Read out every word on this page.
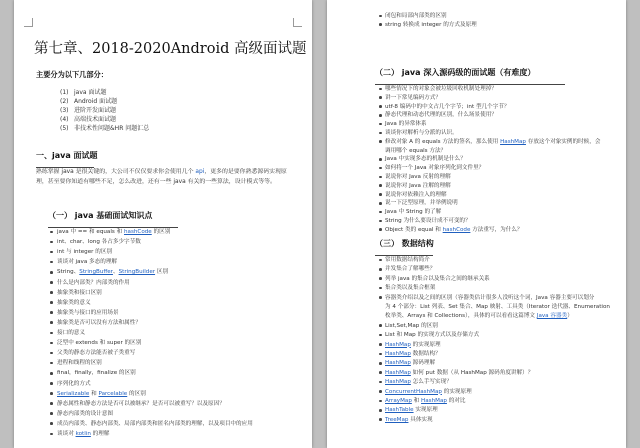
第七章、2018-2020Android 高级面试题
主要分为以下几部分：
(1) java 面试题
(2) Android 面试题
(3) 进阶开发面试题
(4) 高端技术面试题
(5) 非技术性问题&HR 问题汇总
一、java 面试题
熟练掌握 java 是很关键的，大公司不仅仅要求你会使用几个 api，更多的是要你熟悉源码实现原理，甚至要你知道有哪些不足，怎么改进，还有一些 java 有关的一些算法，设计模式等等。
（一） java 基础面试知识点
java 中 == 和 equals 和 hashCode 的区别
int、char、long 各占多少字节数
int 与 integer 的区别
谈谈对 java 多态的理解
String、StringBuffer、StringBuilder 区别
什么是内部类？内部类的作用
抽象类和接口区别
抽象类的意义
抽象类与接口的应用场景
抽象类是否可以没有方法和属性？
接口的意义
泛型中 extends 和 super 的区别
父类的静态方法能否被子类重写
进程和线程的区别
final，finally，finalize 的区别
序列化的方式
Serializable 和 Parcelable 的区别
静态属性和静态方法是否可以被继承？是否可以被重写？以及原因？
静态内部类的设计意图
成员内部类、静态内部类、局部内部类和匿名内部类的理解，以及项目中的应用
谈谈对 kotlin 的理解
闭包和局部内部类的区别
string 转换成 integer 的方式及原理
（二） java 深入源码级的面试题（有难度）
哪些情况下的对象会被垃圾回收机制处理掉？
讲一下常见编码方式？
utf-8 编码中的中文占几个字节；int 型几个字节？
静态代理和动态代理的区别，什么场景使用？
Java 的异常体系
谈谈你对解析与分派的认识。
修改对象 A 的 equals 方法的签名，那么使用 HashMap 存放这个对象实例的时候，会
调用哪个 equals 方法？
Java 中实现多态的机制是什么？
如何将一个 Java 对象序列化到文件里？
说说你对 Java 反射的理解
说说你对 Java 注解的理解
说说你对依赖注入的理解
说一下泛型原理，并举例说明
Java 中 String 的了解
String 为什么要设计成不可变的？
Object 类的 equal 和 hashCode 方法重写，为什么？
（三） 数据结构
常用数据结构简介
并发集合了解哪些？
列举 java 的集合以及集合之间的继承关系
集合类以及集合框架
容器类介绍以及之间的区别（容器类估计很多人没听这个词，Java 容器主要可以划分
为 4 个部分：List 列表、Set 集合、Map 映射、工具类（Iterator 迭代器、Enumeration
枚举类、Arrays 和 Collections），具体的可以看看这篇博文 Java 容器类）
List,Set,Map 的区别
List 和 Map 的实现方式以及存储方式
HashMap 的实现原理
HashMap 数据结构？
HashMap 源码理解
HashMap 如何 put 数据（从 HashMap 源码角度讲解）？
HashMap 怎么手写实现？
ConcurrentHashMap 的实现原理
ArrayMap 和 HashMap 的对比
HashTable 实现原理
TreeMap 具体实现
